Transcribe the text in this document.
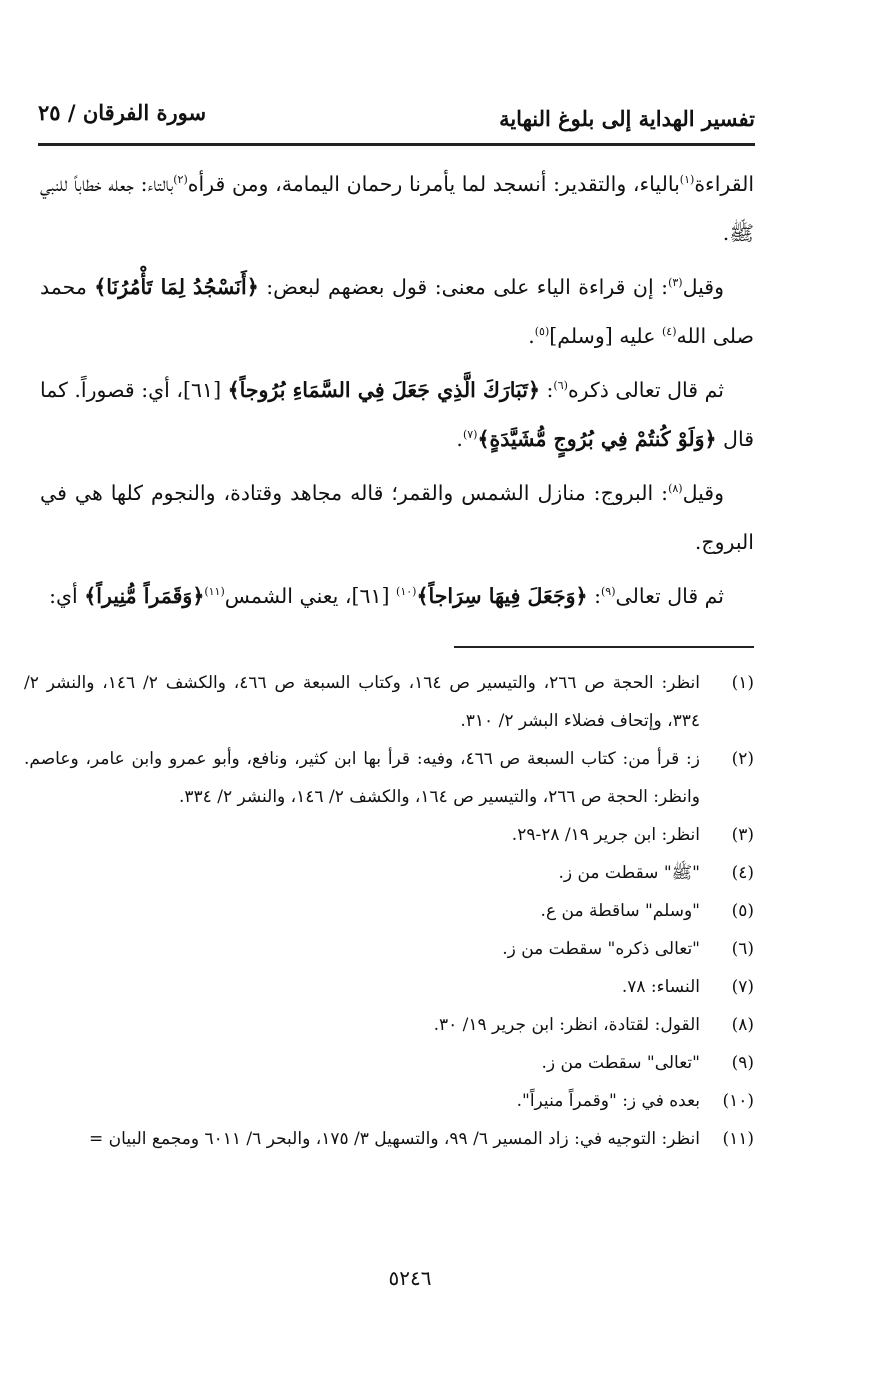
تفسير الهداية إلى بلوغ النهاية
سورة الفرقان / ٢٥

القراءة$^{(١)}$بالياء، والتقدير: أنسجد لما يأمرنا رحمان اليمامة، ومن قرأه$^{(٢)}$بالتاء: جعله خطاباً للنبي ﷺ.

وقيل$^{(٣)}$: إن قراءة الياء على معنى: قول بعضهم لبعض: ﴿أَنَسْجُدُ لِمَا تَأْمُرُنَا﴾ محمد صلى الله$^{(٤)}$ عليه [وسلم]$^{(٥)}$.

ثم قال تعالى ذكره$^{(٦)}$: ﴿تَبَارَكَ الَّذِي جَعَلَ فِي السَّمَاءِ بُرُوجاً﴾ [٦١]، أي: قصوراً. كما قال ﴿وَلَوْ كُنتُمْ فِي بُرُوجٍ مُّشَيَّدَةٍ﴾$^{(٧)}$.

وقيل$^{(٨)}$: البروج: منازل الشمس والقمر؛ قاله مجاهد وقتادة، والنجوم كلها هي في البروج.

ثم قال تعالى$^{(٩)}$: ﴿وَجَعَلَ فِيهَا سِرَاجاً﴾$^{(١٠)}$ [٦١]، يعني الشمس$^{(١١)}$﴿وَقَمَراً مُّنِيراً﴾ أي:

(١)
انظر: الحجة ص ٢٦٦، والتيسير ص ١٦٤، وكتاب السبعة ص ٤٦٦، والكشف ٢/ ١٤٦، والنشر ٢/ ٣٣٤، وإتحاف فضلاء البشر ٢/ ٣١٠.
(٢)
ز: قرأ من: كتاب السبعة ص ٤٦٦، وفيه: قرأ بها ابن كثير، ونافع، وأبو عمرو وابن عامر، وعاصم. وانظر: الحجة ص ٢٦٦، والتيسير ص ١٦٤، والكشف ٢/ ١٤٦، والنشر ٢/ ٣٣٤.
(٣)
انظر: ابن جرير ١٩/ ٢٨-٢٩.
(٤)
"ﷺ" سقطت من ز.
(٥)
"وسلم" ساقطة من ع.
(٦)
"تعالى ذكره" سقطت من ز.
(٧)
النساء: ٧٨.
(٨)
القول: لقتادة، انظر: ابن جرير ١٩/ ٣٠.
(٩)
"تعالى" سقطت من ز.
(١٠)
بعده في ز: "وقمراً منيراً".
(١١)
انظر: التوجيه في: زاد المسير ٦/ ٩٩، والتسهيل ٣/ ١٧٥، والبحر ٦/ ٦٠١١ ومجمع البيان =
٥٢٤٦
